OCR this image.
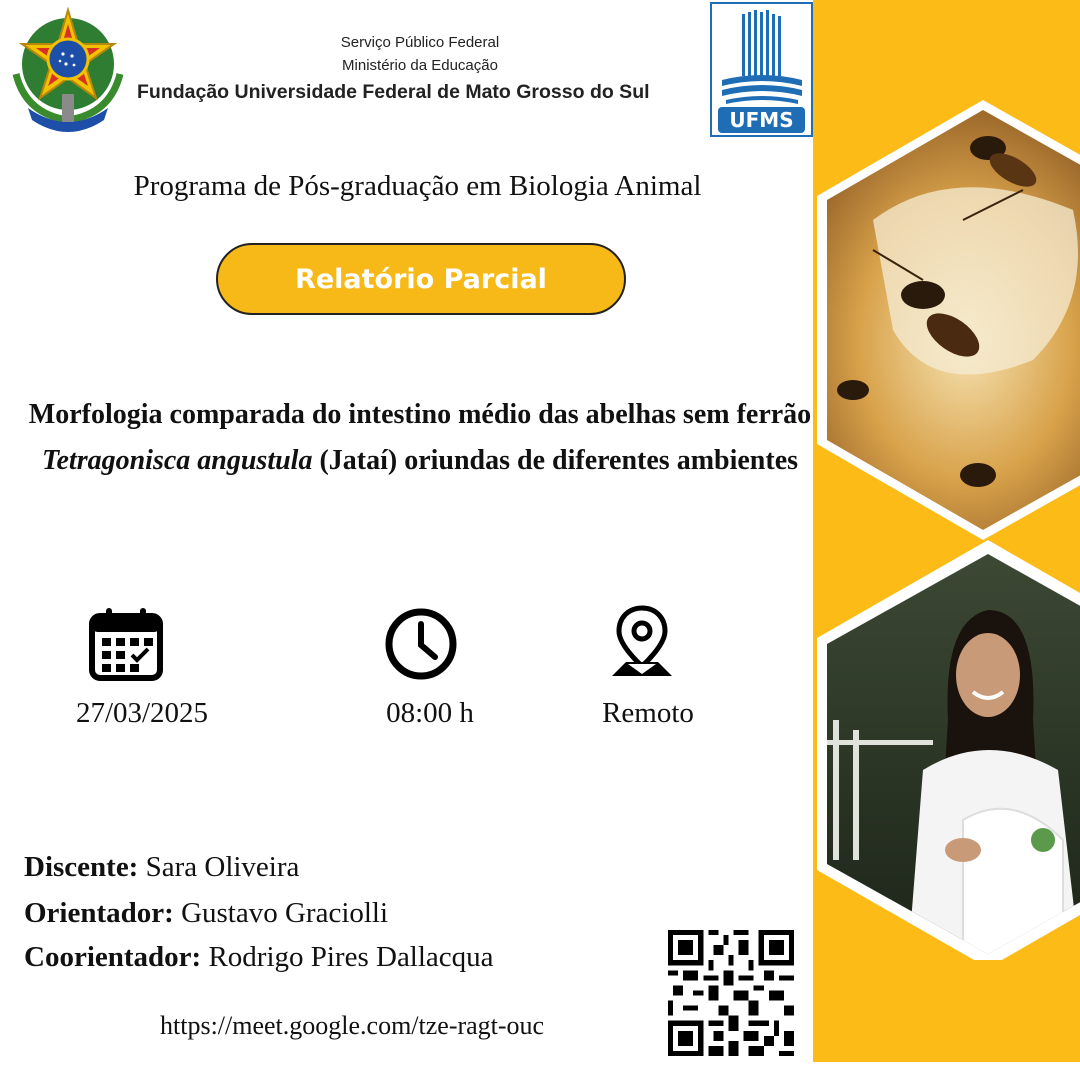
Serviço Público Federal
Ministério da Educação
Fundação Universidade Federal de Mato Grosso do Sul
UFMS
Programa de Pós-graduação em Biologia Animal
Relatório Parcial
Morfologia comparada do intestino médio das abelhas sem ferrão Tetragonisca angustula (Jataí) oriundas de diferentes ambientes
27/03/2025	08:00 h	Remoto
Discente: Sara Oliveira
Orientador: Gustavo Graciolli
Coorientador: Rodrigo Pires Dallacqua
https://meet.google.com/tze-ragt-ouc
